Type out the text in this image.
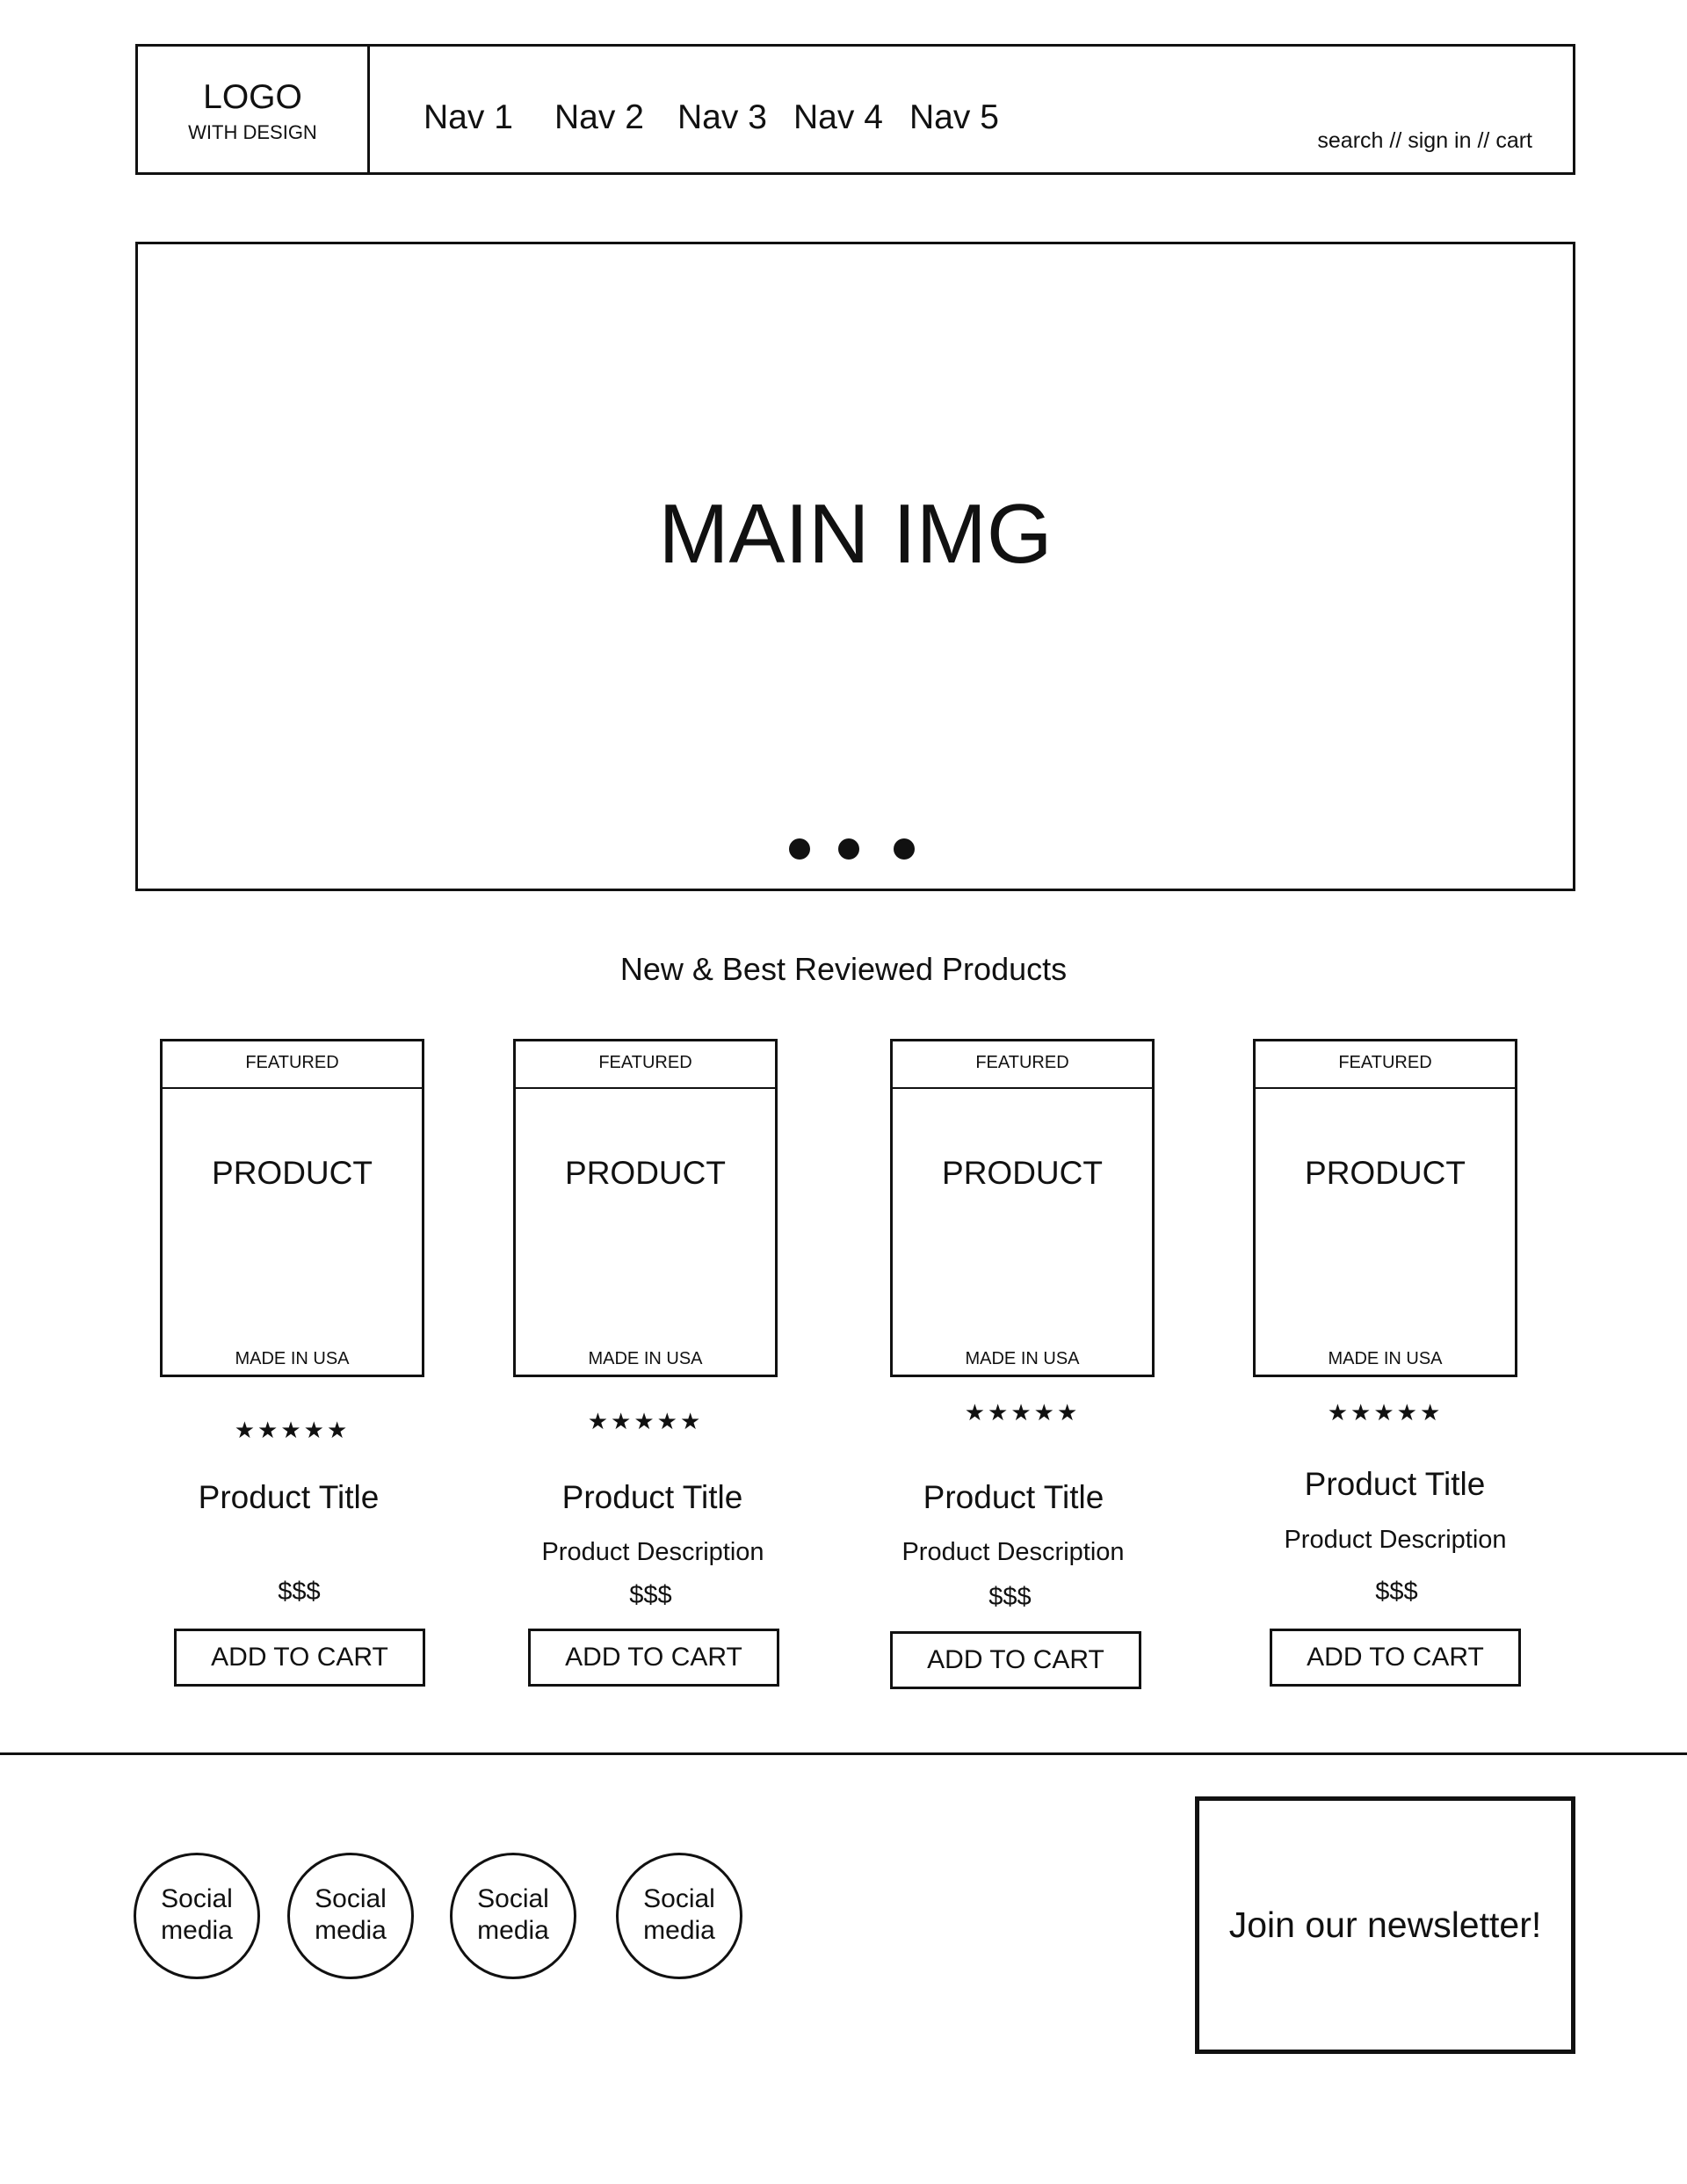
LOGO
WITH DESIGN	Nav 1 Nav 2 Nav 3 Nav 4 Nav 5
search // sign in // cart
MAIN IMG
New & Best Reviewed Products
FEATURED
PRODUCT
MADE IN USA
★★★★★
Product Title
$$$
ADD TO CART
FEATURED
PRODUCT
MADE IN USA
★★★★★
Product Title
Product Description
$$$
ADD TO CART
FEATURED
PRODUCT
MADE IN USA
★★★★★
Product Title
Product Description
$$$
ADD TO CART
FEATURED
PRODUCT
MADE IN USA
★★★★★
Product Title
Product Description
$$$
ADD TO CART
Social
media
Social
media
Social
media
Social
media	Join our newsletter!
